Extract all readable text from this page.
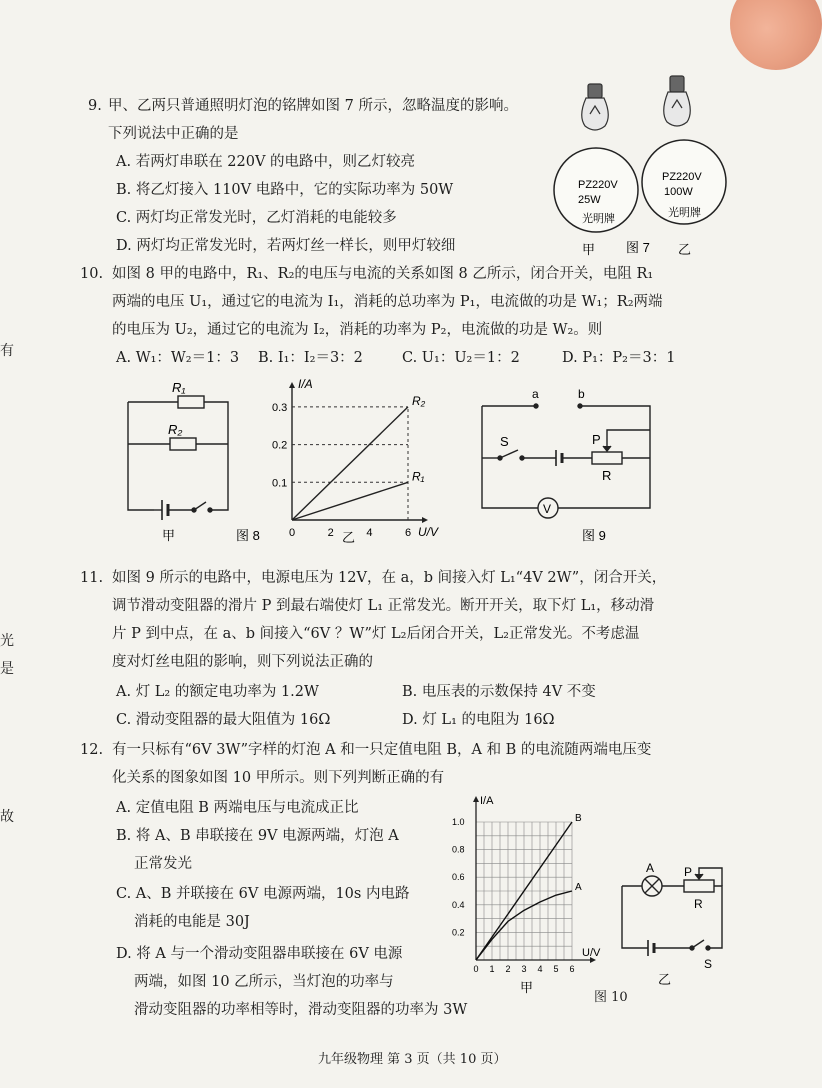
有
光
是
故
9. 甲、乙两只普通照明灯泡的铭牌如图 7 所示，忽略温度的影响。
下列说法中正确的是
A. 若两灯串联在 220V 的电路中，则乙灯较亮
B. 将乙灯接入 110V 电路中，它的实际功率为 50W
C. 两灯均正常发光时，乙灯消耗的电能较多
D. 两灯均正常发光时，若两灯丝一样长，则甲灯较细
PZ220V
25W
光明牌
PZ220V
100W
光明牌
甲 图 7 乙
10. 如图 8 甲的电路中，R₁、R₂的电压与电流的关系如图 8 乙所示，闭合开关，电阻 R₁
两端的电压 U₁，通过它的电流为 I₁，消耗的总功率为 P₁，电流做的功是 W₁；R₂两端
的电压为 U₂，通过它的电流为 I₂，消耗的功率为 P₂，电流做的功是 W₂。则
A. W₁：W₂＝1：3 B. I₁：I₂＝3：2	C. U₁：U₂＝1：2	D. P₁：P₂＝3：1
R₁
R₂
甲	图 8
0.1
0.2
0.3
0	2	4	6
R₂
R₁
I/A
U/V
乙
a	b
S	P
R
V
图 9
11. 如图 9 所示的电路中，电源电压为 12V，在 a，b 间接入灯 L₁“4V 2W”，闭合开关，
调节滑动变阻器的滑片 P 到最右端使灯 L₁ 正常发光。断开开关，取下灯 L₁，移动滑
片 P 到中点，在 a、b 间接入“6V ？W”灯 L₂后闭合开关，L₂正常发光。不考虑温
度对灯丝电阻的影响，则下列说法正确的
A. 灯 L₂ 的额定电功率为 1.2W	B. 电压表的示数保持 4V 不变
C. 滑动变阻器的最大阻值为 16Ω	D. 灯 L₁ 的电阻为 16Ω
12. 有一只标有“6V 3W”字样的灯泡 A 和一只定值电阻 B，A 和 B 的电流随两端电压变
化关系的图象如图 10 甲所示。则下列判断正确的有
A. 定值电阻 B 两端电压与电流成正比
B. 将 A、B 串联接在 9V 电源两端，灯泡 A
正常发光
C. A、B 并联接在 6V 电源两端，10s 内电路
消耗的电能是 30J
D. 将 A 与一个滑动变阻器串联接在 6V 电源
两端，如图 10 乙所示，当灯泡的功率与
滑动变阻器的功率相等时，滑动变阻器的功率为 3W
0.2
0.4
0.6
0.8
1.0
0 1 2 3 4 5 6
B
A
I/A
U/V
甲
A P
R
S
乙
图 10
九年级物理 第 3 页（共 10 页）
